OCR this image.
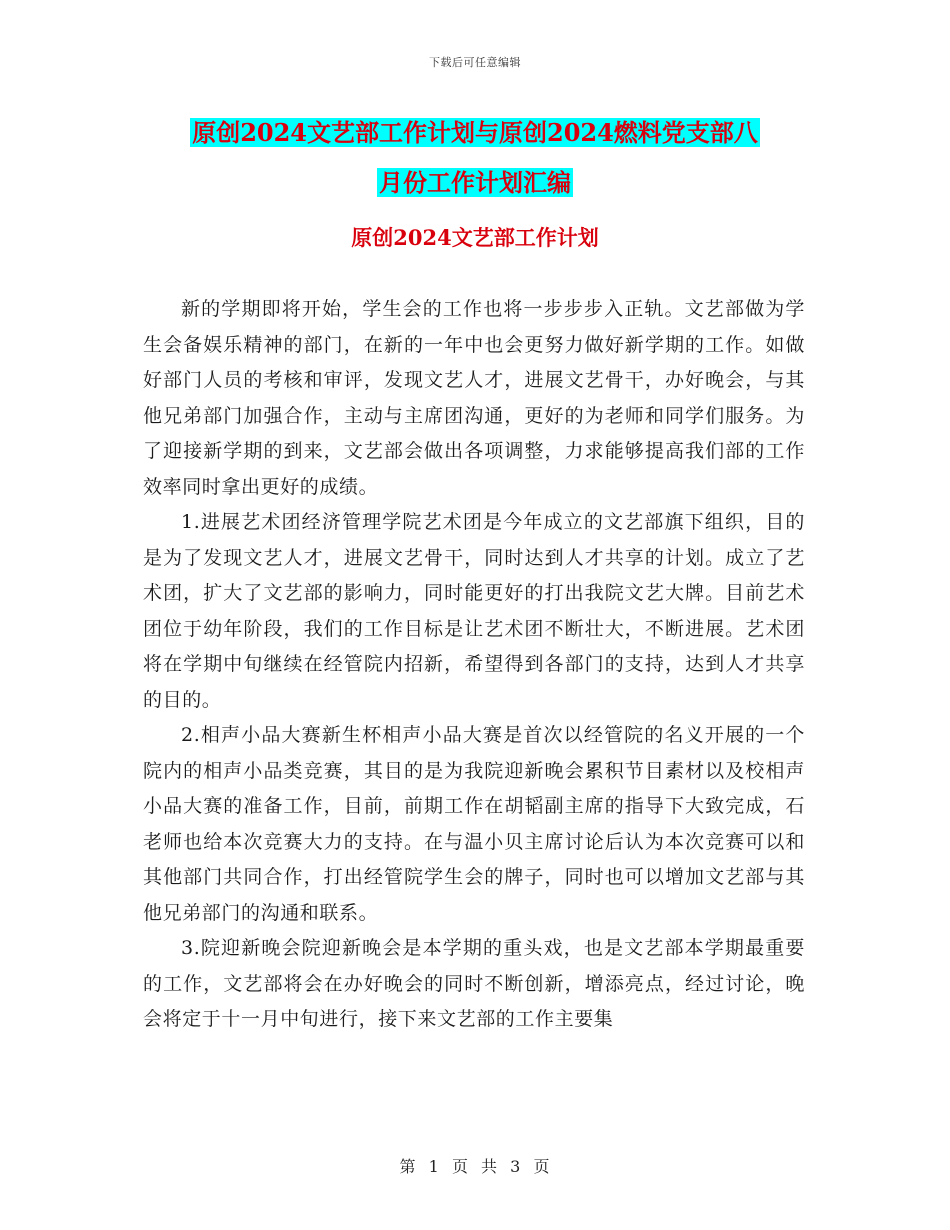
下载后可任意编辑
原创2024文艺部工作计划与原创2024燃料党支部八
月份工作计划汇编
原创2024文艺部工作计划

新的学期即将开始，学生会的工作也将一步步步入正轨。文艺部做为学生会备娱乐精神的部门，在新的一年中也会更努力做好新学期的工作。如做好部门人员的考核和审评，发现文艺人才，进展文艺骨干，办好晚会，与其他兄弟部门加强合作，主动与主席团沟通，更好的为老师和同学们服务。为了迎接新学期的到来，文艺部会做出各项调整，力求能够提高我们部的工作效率同时拿出更好的成绩。

1.进展艺术团经济管理学院艺术团是今年成立的文艺部旗下组织，目的是为了发现文艺人才，进展文艺骨干，同时达到人才共享的计划。成立了艺术团，扩大了文艺部的影响力，同时能更好的打出我院文艺大牌。目前艺术团位于幼年阶段，我们的工作目标是让艺术团不断壮大，不断进展。艺术团将在学期中旬继续在经管院内招新，希望得到各部门的支持，达到人才共享的目的。

2.相声小品大赛新生杯相声小品大赛是首次以经管院的名义开展的一个院内的相声小品类竞赛，其目的是为我院迎新晚会累积节目素材以及校相声小品大赛的准备工作，目前，前期工作在胡韬副主席的指导下大致完成，石老师也给本次竞赛大力的支持。在与温小贝主席讨论后认为本次竞赛可以和其他部门共同合作，打出经管院学生会的牌子，同时也可以增加文艺部与其他兄弟部门的沟通和联系。

3.院迎新晚会院迎新晚会是本学期的重头戏，也是文艺部本学期最重要的工作，文艺部将会在办好晚会的同时不断创新，增添亮点，经过讨论，晚会将定于十一月中旬进行，接下来文艺部的工作主要集

第 1 页 共 3 页
